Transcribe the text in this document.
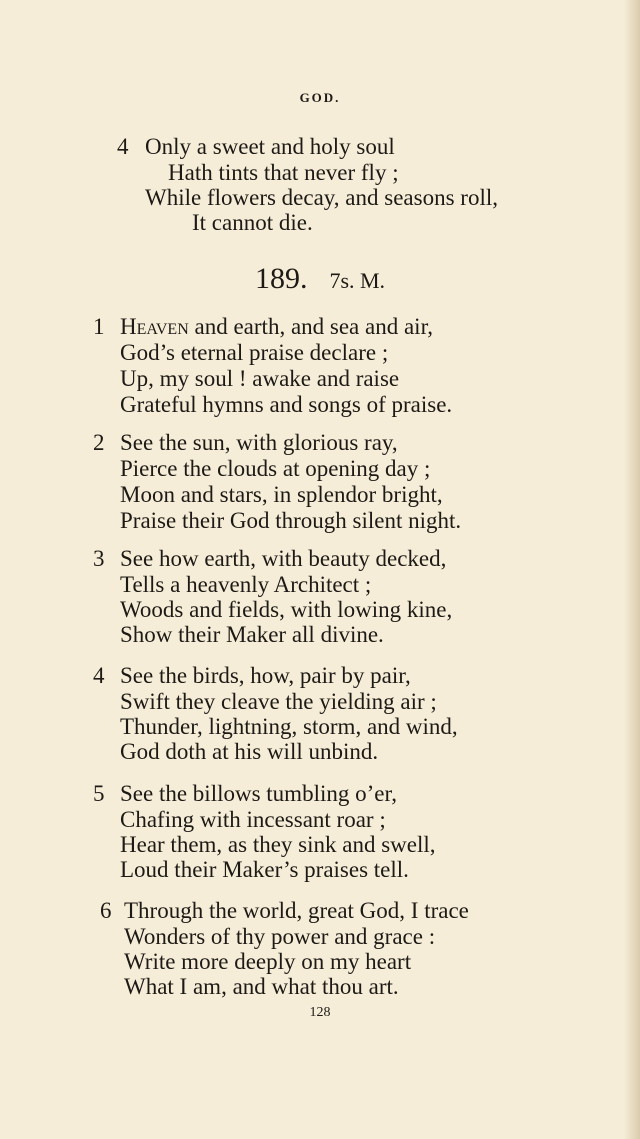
GOD.
4 Only a sweet and holy soul
Hath tints that never fly ;
While flowers decay, and seasons roll,
It cannot die.
189. 7s. M.
1 Heaven and earth, and sea and air,
God’s eternal praise declare ;
Up, my soul ! awake and raise
Grateful hymns and songs of praise.
2 See the sun, with glorious ray,
Pierce the clouds at opening day ;
Moon and stars, in splendor bright,
Praise their God through silent night.
3 See how earth, with beauty decked,
Tells a heavenly Architect ;
Woods and fields, with lowing kine,
Show their Maker all divine.
4 See the birds, how, pair by pair,
Swift they cleave the yielding air ;
Thunder, lightning, storm, and wind,
God doth at his will unbind.
5 See the billows tumbling o’er,
Chafing with incessant roar ;
Hear them, as they sink and swell,
Loud their Maker’s praises tell.
6 Through the world, great God, I trace
Wonders of thy power and grace :
Write more deeply on my heart
What I am, and what thou art.
128
